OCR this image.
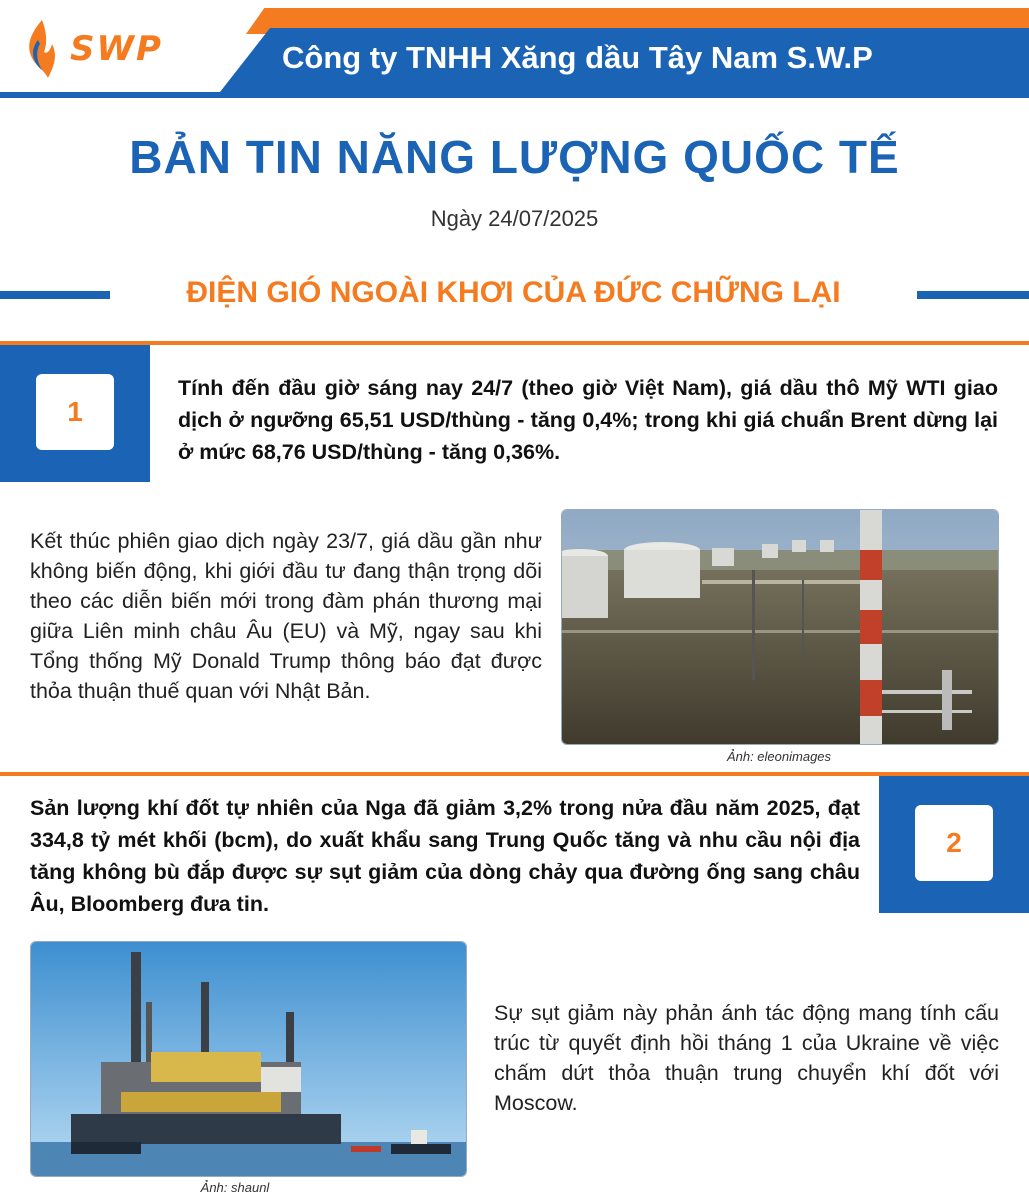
SWP	Công ty TNHH Xăng dầu Tây Nam S.W.P
BẢN TIN NĂNG LƯỢNG QUỐC TẾ
Ngày 24/07/2025
ĐIỆN GIÓ NGOÀI KHƠI CỦA ĐỨC CHỮNG LẠI
1

Tính đến đầu giờ sáng nay 24/7 (theo giờ Việt Nam), giá dầu thô Mỹ WTI giao dịch ở ngưỡng 65,51 USD/thùng - tăng 0,4%; trong khi giá chuẩn Brent dừng lại ở mức 68,76 USD/thùng - tăng 0,36%.

Kết thúc phiên giao dịch ngày 23/7, giá dầu gần như không biến động, khi giới đầu tư đang thận trọng dõi theo các diễn biến mới trong đàm phán thương mại giữa Liên minh châu Âu (EU) và Mỹ, ngay sau khi Tổng thống Mỹ Donald Trump thông báo đạt được thỏa thuận thuế quan với Nhật Bản.

Ảnh: eleonimages

Sản lượng khí đốt tự nhiên của Nga đã giảm 3,2% trong nửa đầu năm 2025, đạt 334,8 tỷ mét khối (bcm), do xuất khẩu sang Trung Quốc tăng và nhu cầu nội địa tăng không bù đắp được sự sụt giảm của dòng chảy qua đường ống sang châu Âu, Bloomberg đưa tin.

2
Ảnh: shaunl

Sự sụt giảm này phản ánh tác động mang tính cấu trúc từ quyết định hồi tháng 1 của Ukraine về việc chấm dứt thỏa thuận trung chuyển khí đốt với Moscow.
